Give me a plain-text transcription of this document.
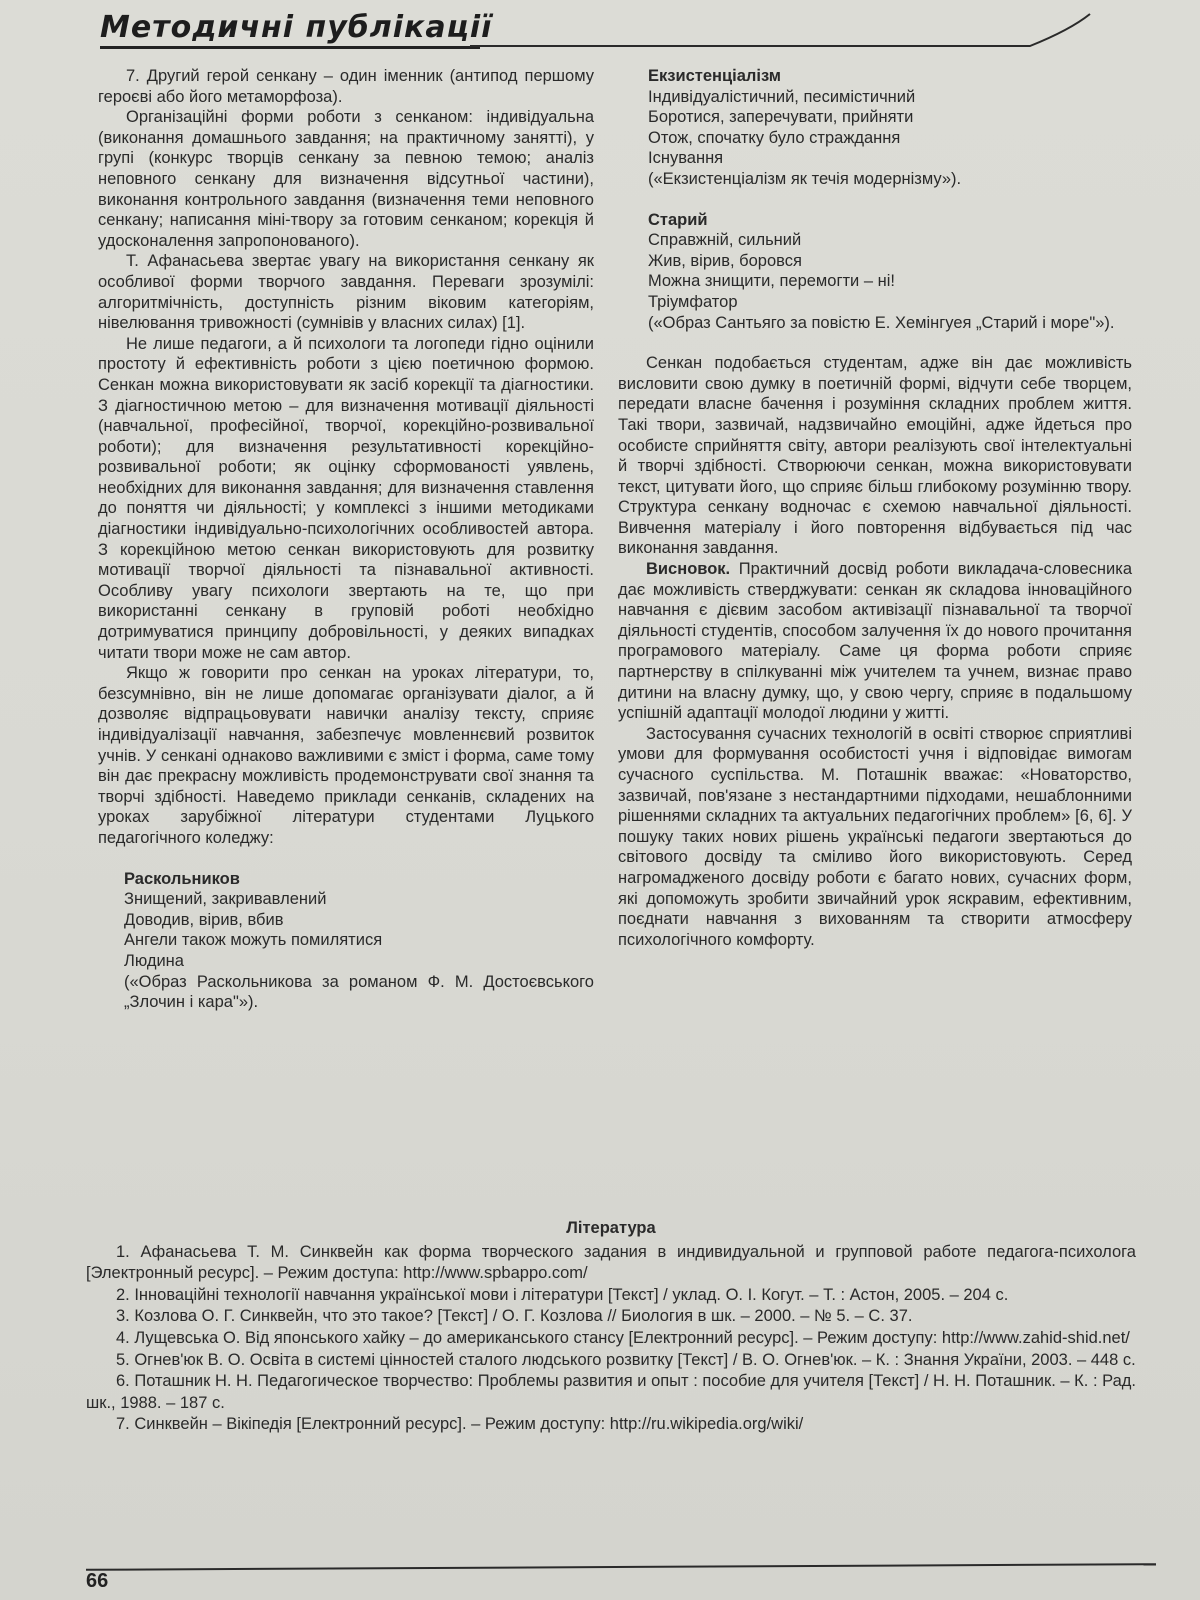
Методичні публікації

7. Другий герой сенкану – один іменник (антипод першому героєві або його метаморфоза).

Організаційні форми роботи з сенканом: індивідуальна (виконання домашнього завдання; на практичному занятті), у групі (конкурс творців сенкану за певною темою; аналіз неповного сенкану для визначення відсутньої частини), виконання контрольного завдання (визначення теми неповного сенкану; написання міні-твору за готовим сенканом; корекція й удосконалення запропонованого).

Т. Афанасьева звертає увагу на використання сенкану як особливої форми творчого завдання. Переваги зрозумілі: алгоритмічність, доступність різним віковим категоріям, нівелювання тривожності (сумнівів у власних силах) [1].

Не лише педагоги, а й психологи та логопеди гідно оцінили простоту й ефективність роботи з цією поетичною формою. Сенкан можна використовувати як засіб корекції та діагностики. З діагностичною метою – для визначення мотивації діяльності (навчальної, професійної, творчої, корекційно-розвивальної роботи); для визначення результативності корекційно-розвивальної роботи; як оцінку сформованості уявлень, необхідних для виконання завдання; для визначення ставлення до поняття чи діяльності; у комплексі з іншими методиками діагностики індивідуально-психологічних особливостей автора. З корекційною метою сенкан використовують для розвитку мотивації творчої діяльності та пізнавальної активності. Особливу увагу психологи звертають на те, що при використанні сенкану в груповій роботі необхідно дотримуватися принципу добровільності, у деяких випадках читати твори може не сам автор.

Якщо ж говорити про сенкан на уроках літератури, то, безсумнівно, він не лише допомагає організувати діалог, а й дозволяє відпрацьовувати навички аналізу тексту, сприяє індивідуалізації навчання, забезпечує мовленнєвий розвиток учнів. У сенкані однаково важливими є зміст і форма, саме тому він дає прекрасну можливість продемонструвати свої знання та творчі здібності. Наведемо приклади сенканів, складених на уроках зарубіжної літератури студентами Луцького педагогічного коледжу:

Раскольников
Знищений, закривавлений
Доводив, вірив, вбив
Ангели також можуть помилятися
Людина
(«Образ Раскольникова за романом Ф. М. Достоєвського „Злочин і кара"»).
Екзистенціалізм
Індивідуалістичний, песимістичний
Боротися, заперечувати, прийняти
Отож, спочатку було страждання
Існування
(«Екзистенціалізм як течія модернізму»).
Старий
Справжній, сильний
Жив, вірив, боровся
Можна знищити, перемогти – ні!
Тріумфатор
(«Образ Сантьяго за повістю Е. Хемінгуея „Старий і море"»).

Сенкан подобається студентам, адже він дає можливість висловити свою думку в поетичній формі, відчути себе творцем, передати власне бачення і розуміння складних проблем життя. Такі твори, зазвичай, надзвичайно емоційні, адже йдеться про особисте сприйняття світу, автори реалізують свої інтелектуальні й творчі здібності. Створюючи сенкан, можна використовувати текст, цитувати його, що сприяє більш глибокому розумінню твору. Структура сенкану водночас є схемою навчальної діяльності. Вивчення матеріалу і його повторення відбувається під час виконання завдання.

Висновок. Практичний досвід роботи викладача-словесника дає можливість стверджувати: сенкан як складова інноваційного навчання є дієвим засобом активізації пізнавальної та творчої діяльності студентів, способом залучення їх до нового прочитання програмового матеріалу. Саме ця форма роботи сприяє партнерству в спілкуванні між учителем та учнем, визнає право дитини на власну думку, що, у свою чергу, сприяє в подальшому успішній адаптації молодої людини у житті.

Застосування сучасних технологій в освіті створює сприятливі умови для формування особистості учня і відповідає вимогам сучасного суспільства. М. Поташнік вважає: «Новаторство, зазвичай, пов'язане з нестандартними підходами, нешаблонними рішеннями складних та актуальних педагогічних проблем» [6, 6]. У пошуку таких нових рішень українські педагоги звертаються до світового досвіду та сміливо його використовують. Серед нагромадженого досвіду роботи є багато нових, сучасних форм, які допоможуть зробити звичайний урок яскравим, ефективним, поєднати навчання з вихованням та створити атмосферу психологічного комфорту.

Література

1. Афанасьева Т. М. Синквейн как форма творческого задания в индивидуальной и групповой работе педагога-психолога [Электронный ресурс]. – Режим доступа: http://www.spbappo.com/

2. Інноваційні технології навчання української мови і літератури [Текст] / уклад. О. І. Когут. – Т. : Астон, 2005. – 204 с.

3. Козлова О. Г. Синквейн, что это такое? [Текст] / О. Г. Козлова // Биология в шк. – 2000. – № 5. – С. 37.

4. Лущевська О. Від японського хайку – до американського стансу [Електронний ресурс]. – Режим доступу: http://www.zahid-shid.net/

5. Огнев'юк В. О. Освіта в системі цінностей сталого людського розвитку [Текст] / В. О. Огнев'юк. – К. : Знання України, 2003. – 448 с.

6. Поташник Н. Н. Педагогическое творчество: Проблемы развития и опыт : пособие для учителя [Текст] / Н. Н. Поташник. – К. : Рад. шк., 1988. – 187 с.

7. Синквейн – Вікіпедія [Електронний ресурс]. – Режим доступу: http://ru.wikipedia.org/wiki/

66
